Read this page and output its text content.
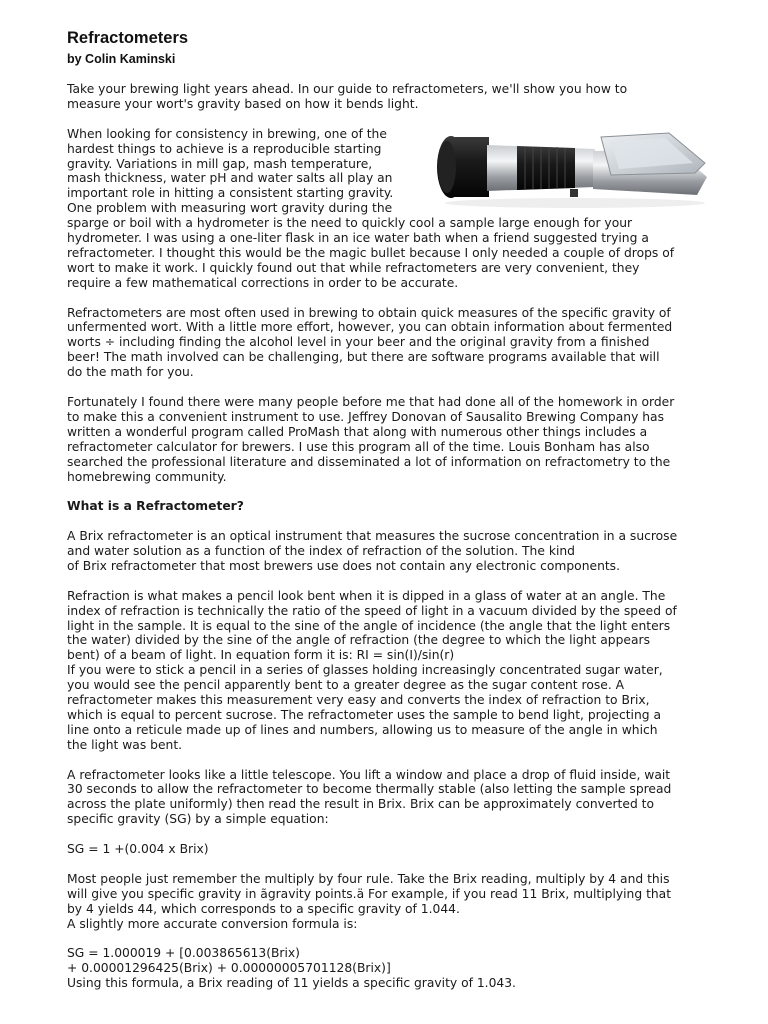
Refractometers
by Colin Kaminski

Take your brewing light years ahead. In our guide to refractometers, we'll show you how to
measure your wort's gravity based on how it bends light.

When looking for consistency in brewing, one of the
hardest things to achieve is a reproducible starting
gravity. Variations in mill gap, mash temperature,
mash thickness, water pH and water salts all play an
important role in hitting a consistent starting gravity.
One problem with measuring wort gravity during the
sparge or boil with a hydrometer is the need to quickly cool a sample large enough for your
hydrometer. I was using a one-liter flask in an ice water bath when a friend suggested trying a
refractometer. I thought this would be the magic bullet because I only needed a couple of drops of
wort to make it work. I quickly found out that while refractometers are very convenient, they
require a few mathematical corrections in order to be accurate.

Refractometers are most often used in brewing to obtain quick measures of the specific gravity of
unfermented wort. With a little more effort, however, you can obtain information about fermented
worts ÷ including finding the alcohol level in your beer and the original gravity from a finished
beer! The math involved can be challenging, but there are software programs available that will
do the math for you.

Fortunately I found there were many people before me that had done all of the homework in order
to make this a convenient instrument to use. Jeffrey Donovan of Sausalito Brewing Company has
written a wonderful program called ProMash that along with numerous other things includes a
refractometer calculator for brewers. I use this program all of the time. Louis Bonham has also
searched the professional literature and disseminated a lot of information on refractometry to the
homebrewing community.

What is a Refractometer?

A Brix refractometer is an optical instrument that measures the sucrose concentration in a sucrose
and water solution as a function of the index of refraction of the solution. The kind
of Brix refractometer that most brewers use does not contain any electronic components.

Refraction is what makes a pencil look bent when it is dipped in a glass of water at an angle. The
index of refraction is technically the ratio of the speed of light in a vacuum divided by the speed of
light in the sample. It is equal to the sine of the angle of incidence (the angle that the light enters
the water) divided by the sine of the angle of refraction (the degree to which the light appears
bent) of a beam of light. In equation form it is: RI = sin(I)/sin(r)
If you were to stick a pencil in a series of glasses holding increasingly concentrated sugar water,
you would see the pencil apparently bent to a greater degree as the sugar content rose. A
refractometer makes this measurement very easy and converts the index of refraction to Brix,
which is equal to percent sucrose. The refractometer uses the sample to bend light, projecting a
line onto a reticule made up of lines and numbers, allowing us to measure of the angle in which
the light was bent.

A refractometer looks like a little telescope. You lift a window and place a drop of fluid inside, wait
30 seconds to allow the refractometer to become thermally stable (also letting the sample spread
across the plate uniformly) then read the result in Brix. Brix can be approximately converted to
specific gravity (SG) by a simple equation:

SG = 1 +(0.004 x Brix)

Most people just remember the multiply by four rule. Take the Brix reading, multiply by 4 and this
will give you specific gravity in ãgravity points.ä For example, if you read 11 Brix, multiplying that
by 4 yields 44, which corresponds to a specific gravity of 1.044.
A slightly more accurate conversion formula is:

SG = 1.000019 + [0.003865613(Brix)
+ 0.00001296425(Brix) + 0.00000005701128(Brix)]
Using this formula, a Brix reading of 11 yields a specific gravity of 1.043.
